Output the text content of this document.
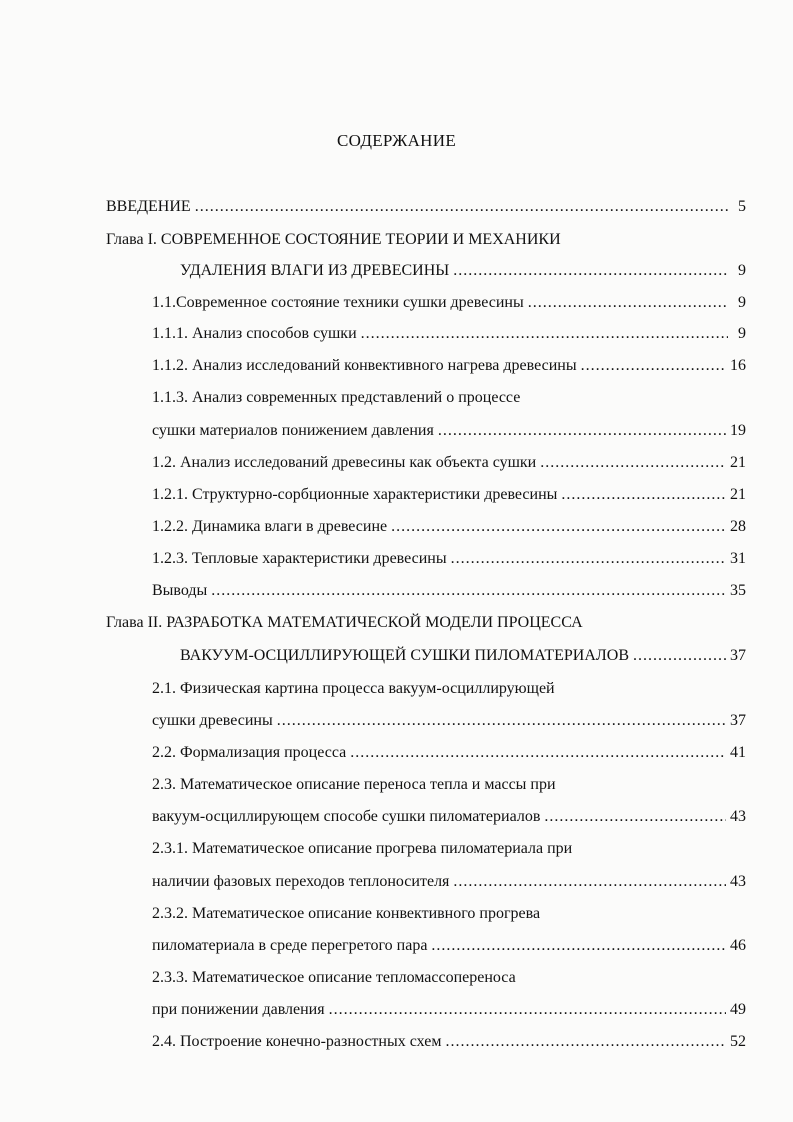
СОДЕРЖАНИЕ
ВВЕДЕНИЕ .....	5
Глава I. СОВРЕМЕННОЕ СОСТОЯНИЕ ТЕОРИИ И МЕХАНИКИ
УДАЛЕНИЯ ВЛАГИ ИЗ ДРЕВЕСИНЫ .....	9
1.1.Современное состояние техники сушки древесины .....	9
1.1.1. Анализ способов сушки .....	9
1.1.2. Анализ исследований конвективного нагрева древесины .....	16
1.1.3. Анализ современных представлений о процессе
сушки материалов понижением давления .....	19
1.2. Анализ исследований древесины как объекта сушки .....	21
1.2.1. Структурно-сорбционные характеристики древесины .....	21
1.2.2. Динамика влаги в древесине .....	28
1.2.3. Тепловые характеристики древесины .....	31
Выводы .....	35
Глава II. РАЗРАБОТКА МАТЕМАТИЧЕСКОЙ МОДЕЛИ ПРОЦЕССА
ВАКУУМ-ОСЦИЛЛИРУЮЩЕЙ СУШКИ ПИЛОМАТЕРИАЛОВ .....	37
2.1. Физическая картина процесса вакуум-осциллирующей
сушки древесины .....	37
2.2. Формализация процесса .....	41
2.3. Математическое описание переноса тепла и массы при
вакуум-осциллирующем способе сушки пиломатериалов .....	43
2.3.1. Математическое описание прогрева пиломатериала при
наличии фазовых переходов теплоносителя .....	43
2.3.2. Математическое описание конвективного прогрева
пиломатериала в среде перегретого пара .....	46
2.3.3. Математическое описание тепломассопереноса
при понижении давления .....	49
2.4. Построение конечно-разностных схем .....	52
